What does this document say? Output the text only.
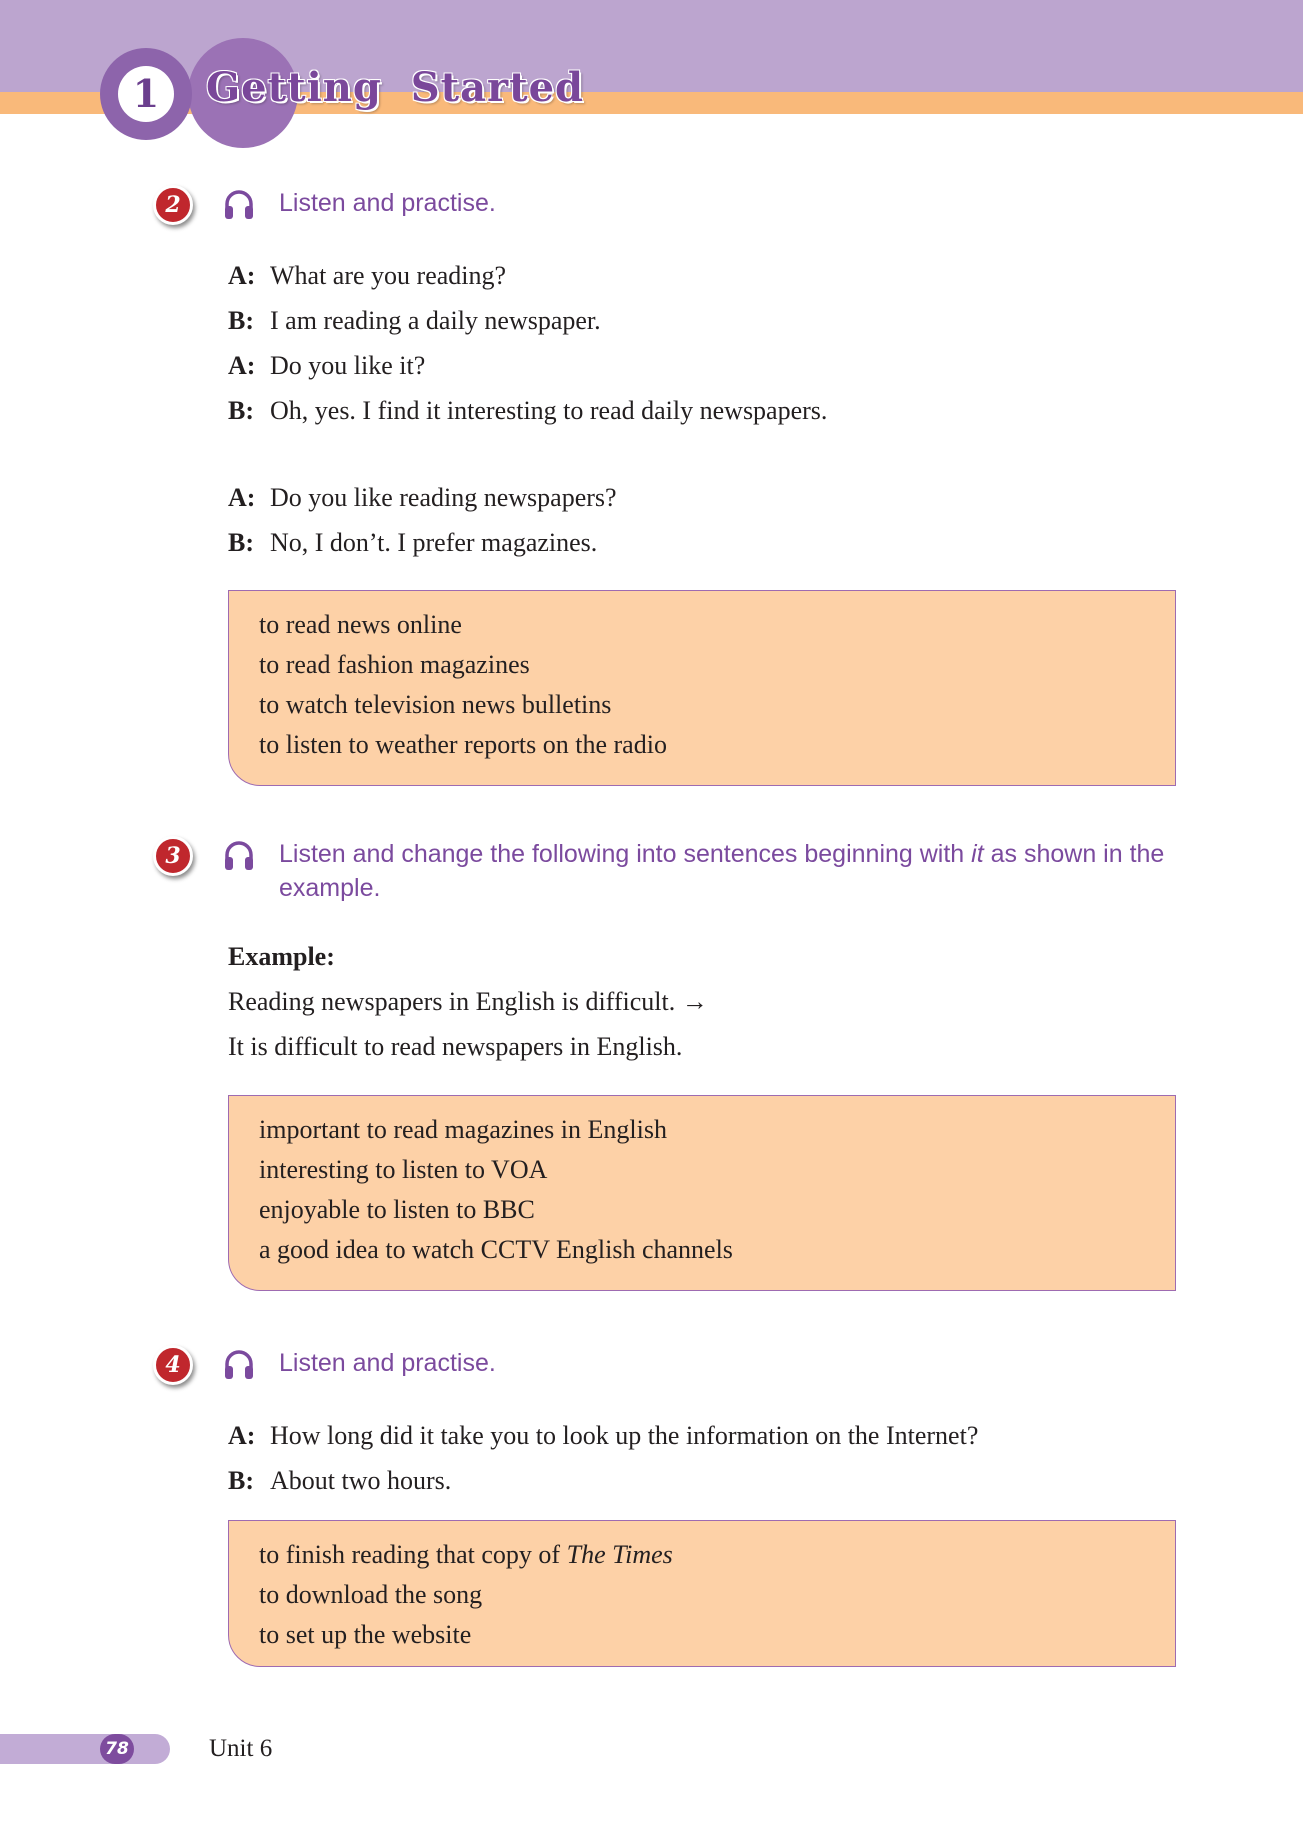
1	Getting Started
2	Listen and practise.
A: What are you reading?
B: I am reading a daily newspaper.
A: Do you like it?
B: Oh, yes. I find it interesting to read daily newspapers.
A: Do you like reading newspapers?
B: No, I don’t. I prefer magazines.
to read news online
to read fashion magazines
to watch television news bulletins
to listen to weather reports on the radio
3	Listen and change the following into sentences beginning with it as shown in the example.
Example:
Reading newspapers in English is difficult. →
It is difficult to read newspapers in English.
important to read magazines in English
interesting to listen to VOA
enjoyable to listen to BBC
a good idea to watch CCTV English channels
4	Listen and practise.
A: How long did it take you to look up the information on the Internet?
B: About two hours.
to finish reading that copy of The Times
to download the song
to set up the website
78	Unit 6
